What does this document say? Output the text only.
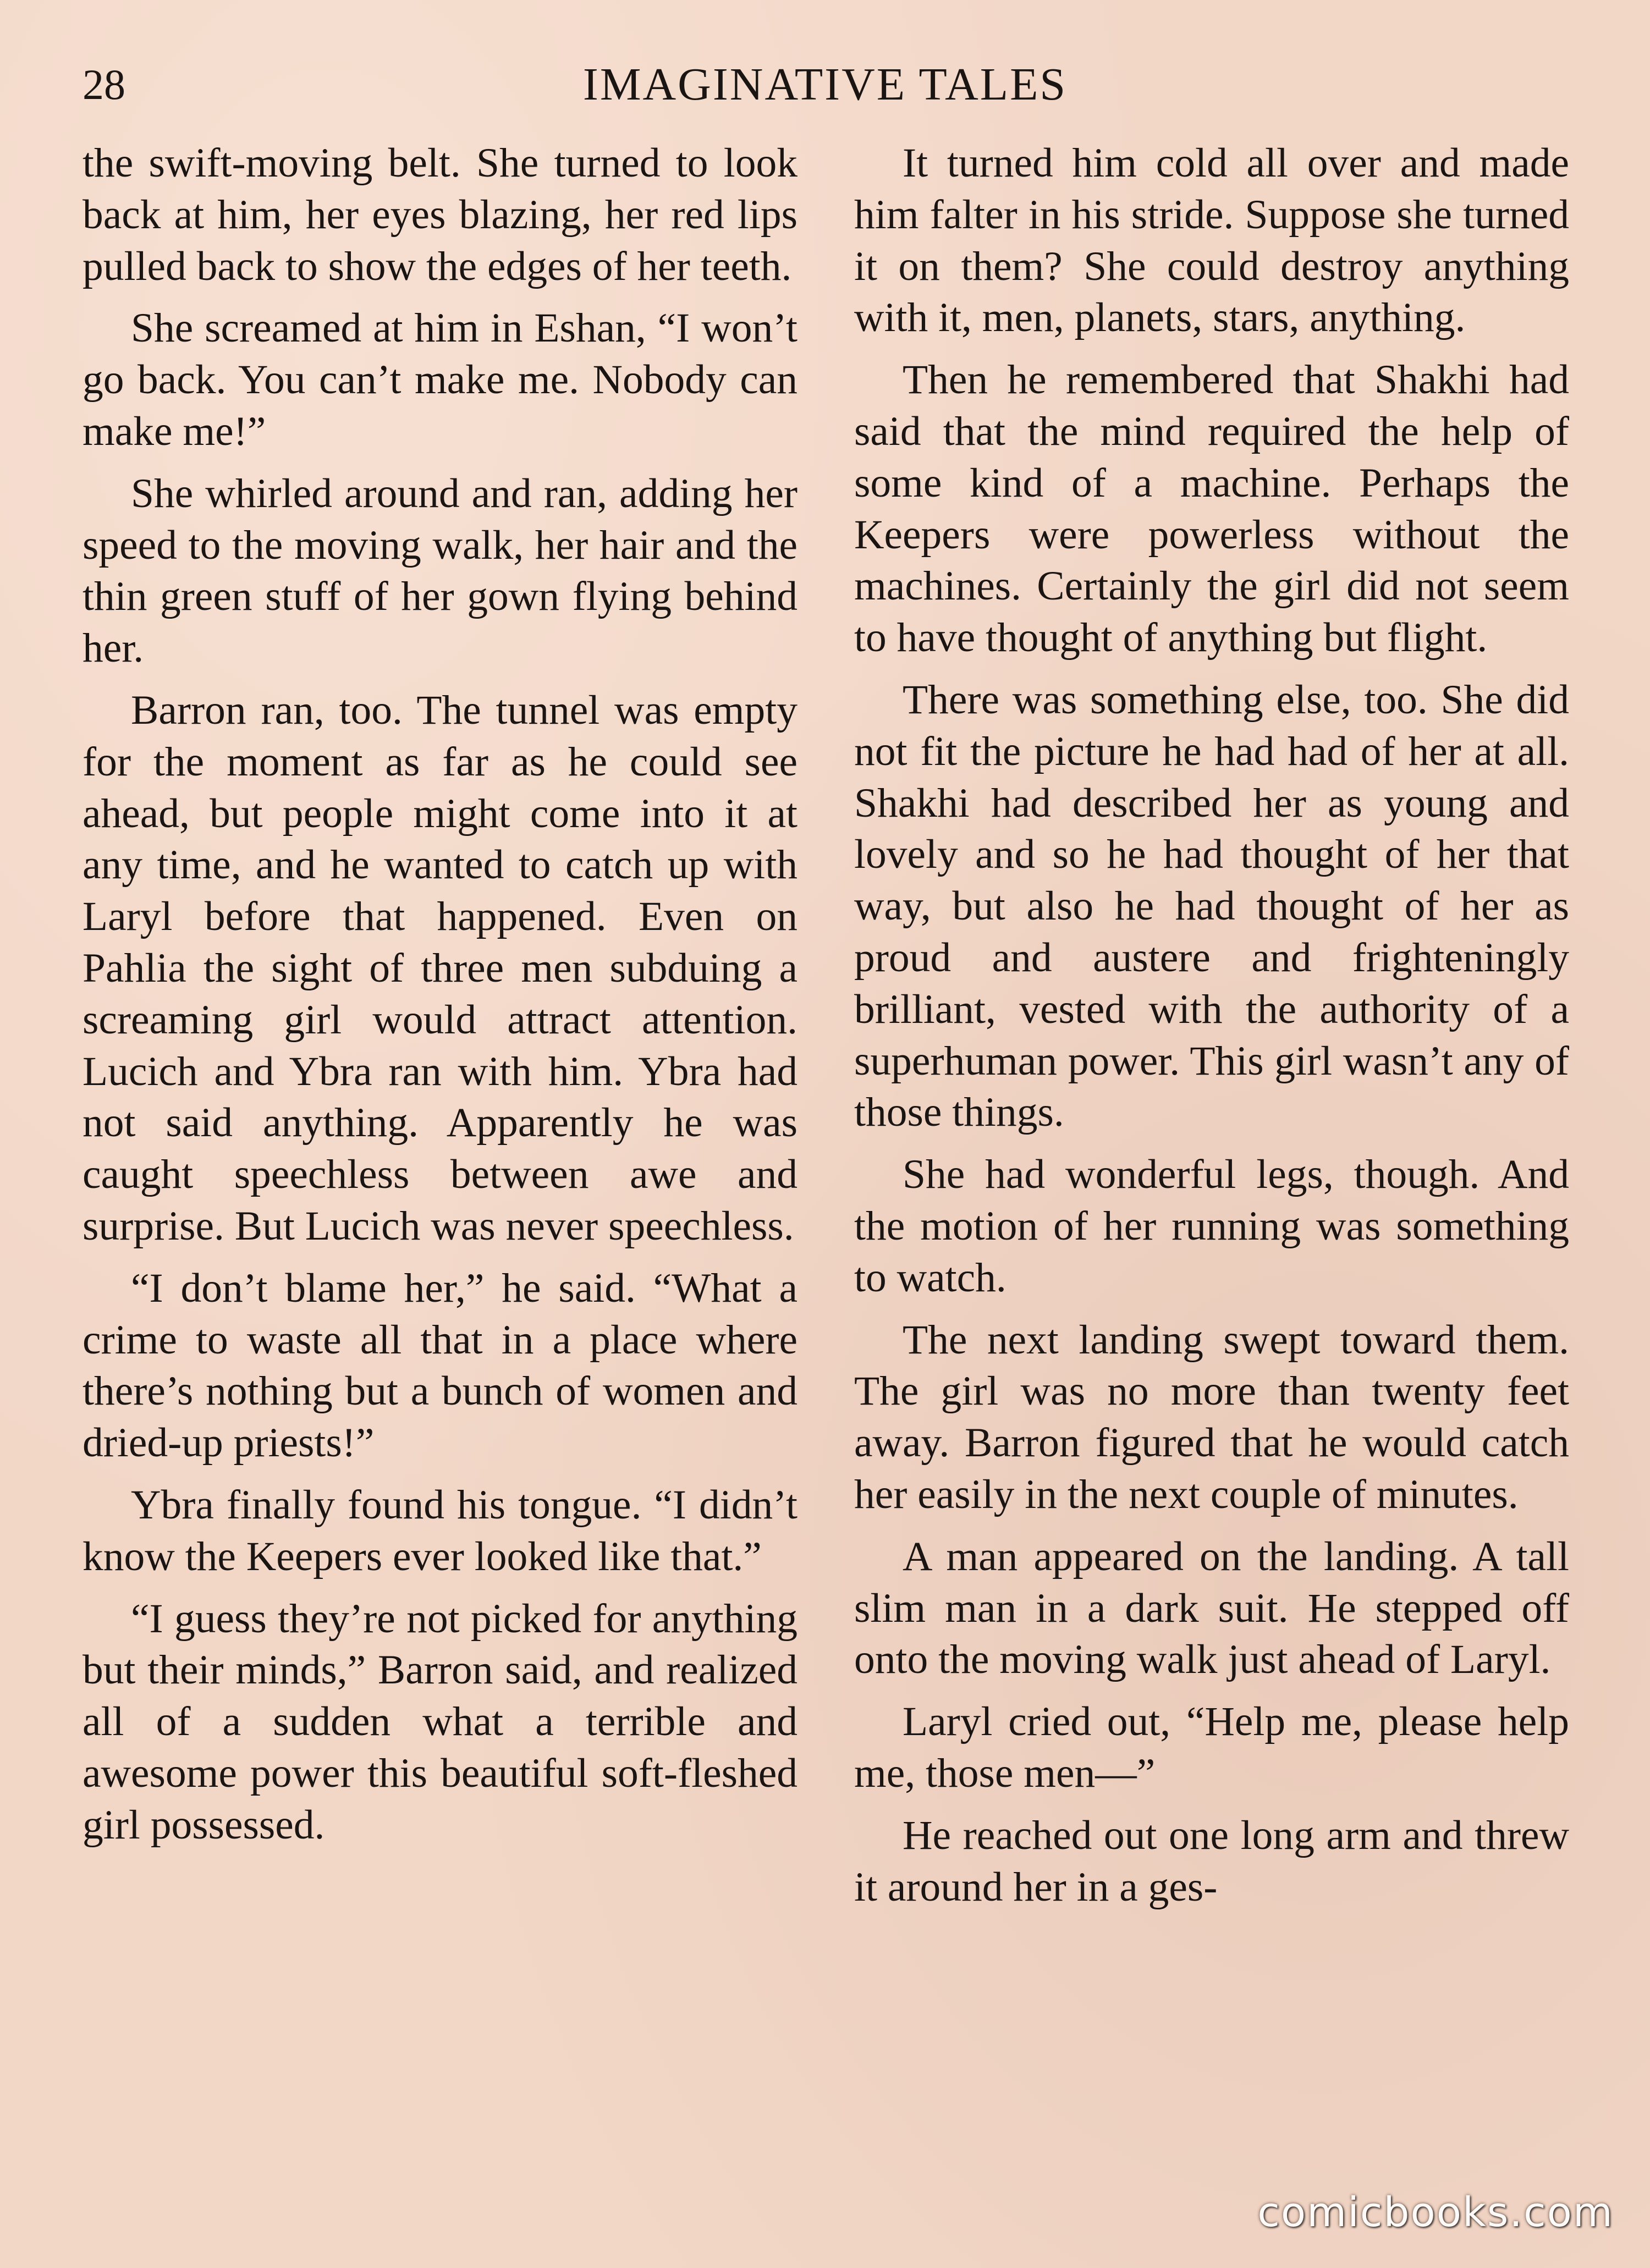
28	IMAGINATIVE TALES

the swift-moving belt. She turned to look back at him, her eyes blazing, her red lips pulled back to show the edges of her teeth.

She screamed at him in Eshan, “I won’t go back. You can’t make me. Nobody can make me!”

She whirled around and ran, adding her speed to the moving walk, her hair and the thin green stuff of her gown flying behind her.

Barron ran, too. The tunnel was empty for the moment as far as he could see ahead, but people might come into it at any time, and he wanted to catch up with Laryl before that happened. Even on Pahlia the sight of three men subduing a screaming girl would attract attention. Lucich and Ybra ran with him. Ybra had not said anything. Apparently he was caught speechless between awe and surprise. But Lucich was never speechless.

“I don’t blame her,” he said. “What a crime to waste all that in a place where there’s nothing but a bunch of women and dried-up priests!”

Ybra finally found his tongue. “I didn’t know the Keepers ever looked like that.”

“I guess they’re not picked for anything but their minds,” Barron said, and realized all of a sudden what a terrible and awesome power this beautiful soft-fleshed girl possessed.

It turned him cold all over and made him falter in his stride. Suppose she turned it on them? She could destroy anything with it, men, planets, stars, anything.

Then he remembered that Shakhi had said that the mind required the help of some kind of a machine. Perhaps the Keepers were powerless without the machines. Certainly the girl did not seem to have thought of anything but flight.

There was something else, too. She did not fit the picture he had had of her at all. Shakhi had described her as young and lovely and so he had thought of her that way, but also he had thought of her as proud and austere and frighteningly brilliant, vested with the authority of a superhuman power. This girl wasn’t any of those things.

She had wonderful legs, though. And the motion of her running was something to watch.

The next landing swept toward them. The girl was no more than twenty feet away. Barron figured that he would catch her easily in the next couple of minutes.

A man appeared on the landing. A tall slim man in a dark suit. He stepped off onto the moving walk just ahead of Laryl.

Laryl cried out, “Help me, please help me, those men—”

He reached out one long arm and threw it around her in a ges-

comicbooks.com
